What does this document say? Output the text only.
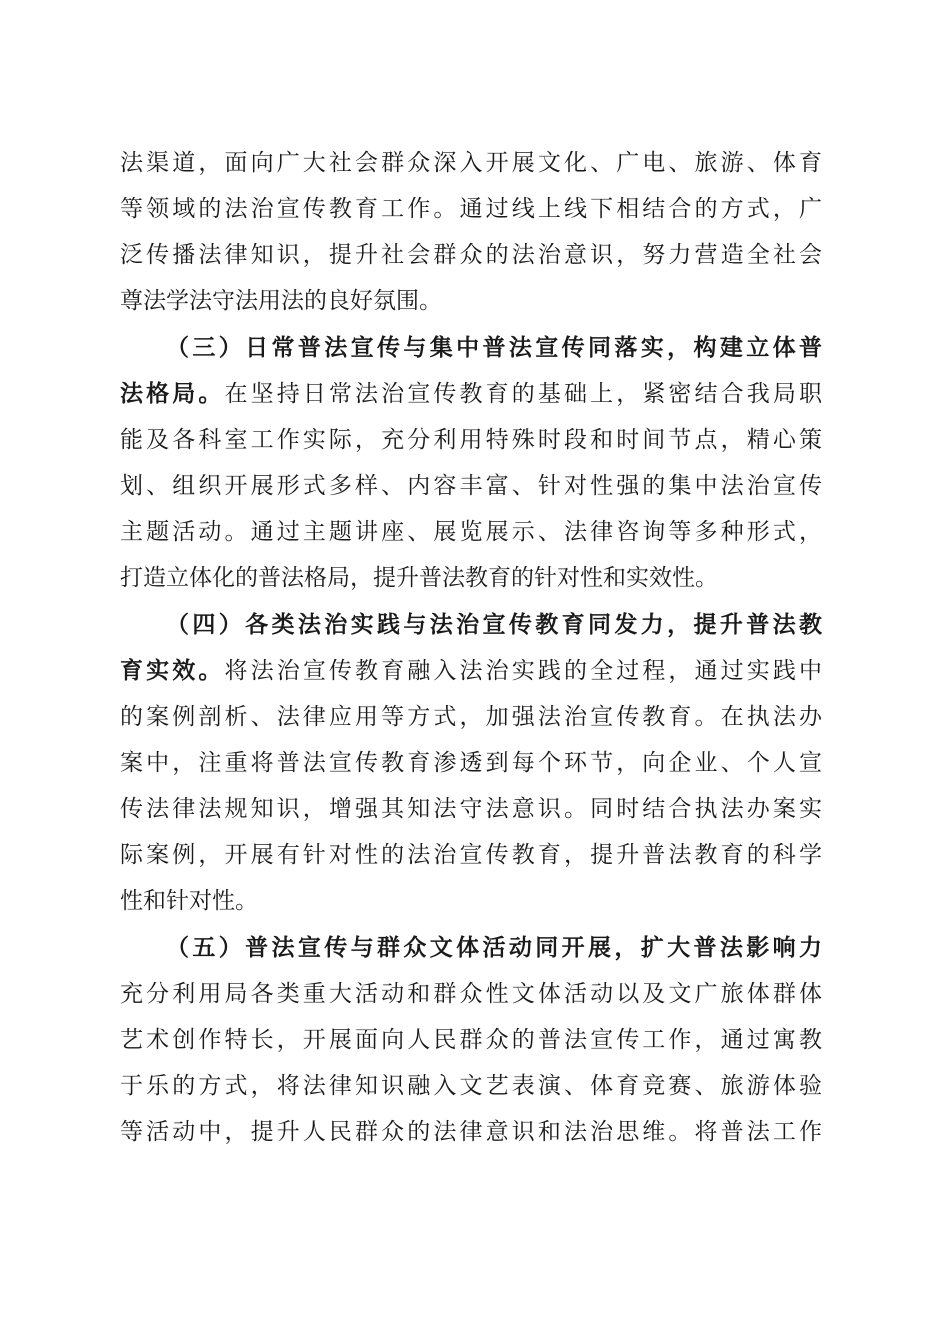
法渠道，面向广大社会群众深入开展文化、广电、旅游、体育
等领域的法治宣传教育工作。通过线上线下相结合的方式，广
泛传播法律知识，提升社会群众的法治意识，努力营造全社会
尊法学法守法用法的良好氛围。
（三）日常普法宣传与集中普法宣传同落实，构建立体普
法格局。在坚持日常法治宣传教育的基础上，紧密结合我局职
能及各科室工作实际，充分利用特殊时段和时间节点，精心策
划、组织开展形式多样、内容丰富、针对性强的集中法治宣传
主题活动。通过主题讲座、展览展示、法律咨询等多种形式，
打造立体化的普法格局，提升普法教育的针对性和实效性。
（四）各类法治实践与法治宣传教育同发力，提升普法教
育实效。将法治宣传教育融入法治实践的全过程，通过实践中
的案例剖析、法律应用等方式，加强法治宣传教育。在执法办
案中，注重将普法宣传教育渗透到每个环节，向企业、个人宣
传法律法规知识，增强其知法守法意识。同时结合执法办案实
际案例，开展有针对性的法治宣传教育，提升普法教育的科学
性和针对性。
（五）普法宣传与群众文体活动同开展，扩大普法影响力
充分利用局各类重大活动和群众性文体活动以及文广旅体群体
艺术创作特长，开展面向人民群众的普法宣传工作，通过寓教
于乐的方式，将法律知识融入文艺表演、体育竞赛、旅游体验
等活动中，提升人民群众的法律意识和法治思维。将普法工作
